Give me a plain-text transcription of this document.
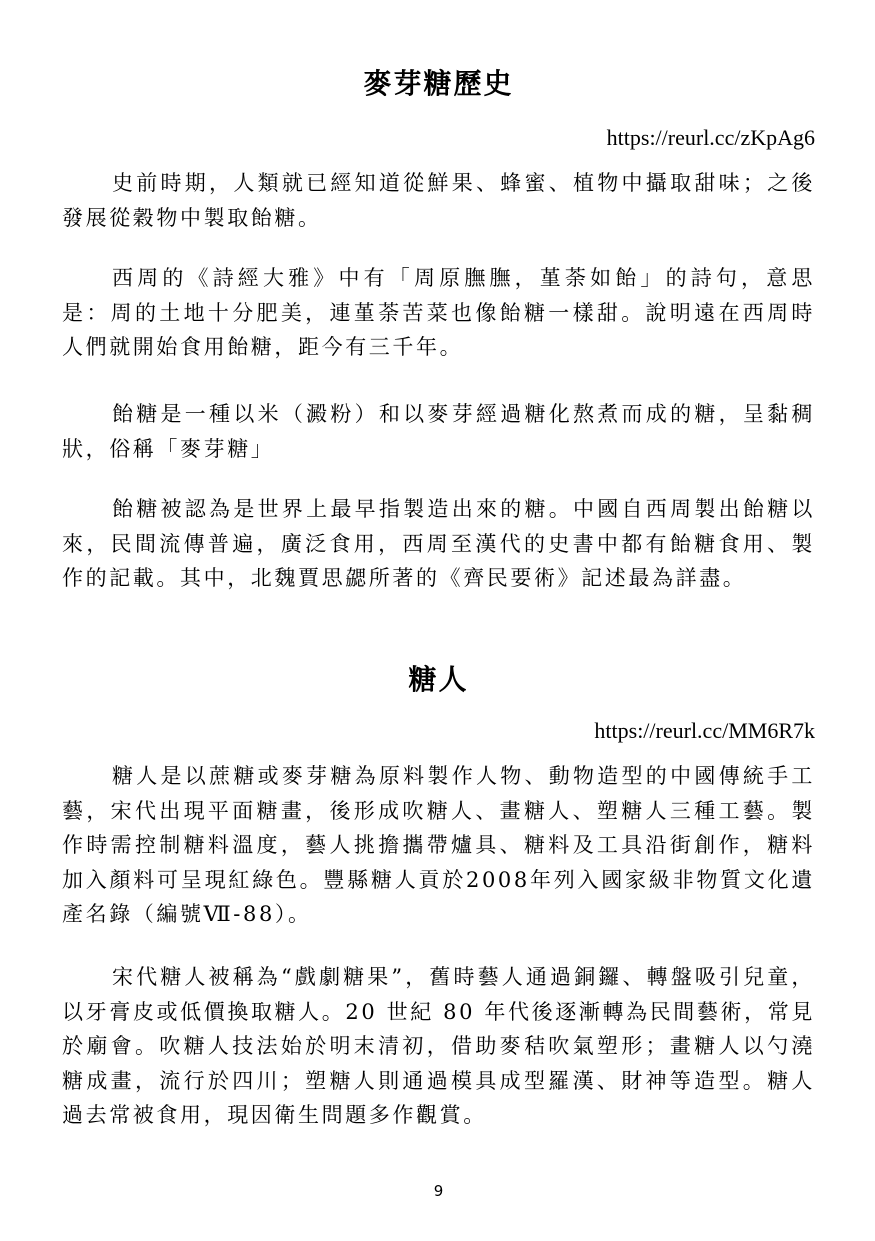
麥芽糖歷史
https://reurl.cc/zKpAg6

史前時期，人類就已經知道從鮮果、蜂蜜、植物中攝取甜味；之後發展從穀物中製取飴糖。

西周的《詩經大雅》中有「周原膴膴，堇荼如飴」的詩句，意思是：周的土地十分肥美，連堇荼苦菜也像飴糖一樣甜。說明遠在西周時人們就開始食用飴糖，距今有三千年。

飴糖是一種以米（澱粉）和以麥芽經過糖化熬煮而成的糖，呈黏稠狀，俗稱「麥芽糖」

飴糖被認為是世界上最早指製造出來的糖。中國自西周製出飴糖以來，民間流傳普遍，廣泛食用，西周至漢代的史書中都有飴糖食用、製作的記載。其中，北魏賈思勰所著的《齊民要術》記述最為詳盡。

糖人
https://reurl.cc/MM6R7k

糖人是以蔗糖或麥芽糖為原料製作人物、動物造型的中國傳統手工藝，宋代出現平面糖畫，後形成吹糖人、畫糖人、塑糖人三種工藝。製作時需控制糖料溫度，藝人挑擔攜帶爐具、糖料及工具沿街創作，糖料加入顏料可呈現紅綠色。豐縣糖人貢於2008年列入國家級非物質文化遺產名錄（編號Ⅶ-88）。

宋代糖人被稱為“戲劇糖果”，舊時藝人通過銅鑼、轉盤吸引兒童，以牙膏皮或低價換取糖人。20 世紀 80 年代後逐漸轉為民間藝術，常見於廟會。吹糖人技法始於明末清初，借助麥秸吹氣塑形；畫糖人以勺澆糖成畫，流行於四川；塑糖人則通過模具成型羅漢、財神等造型。糖人過去常被食用，現因衛生問題多作觀賞。

9
